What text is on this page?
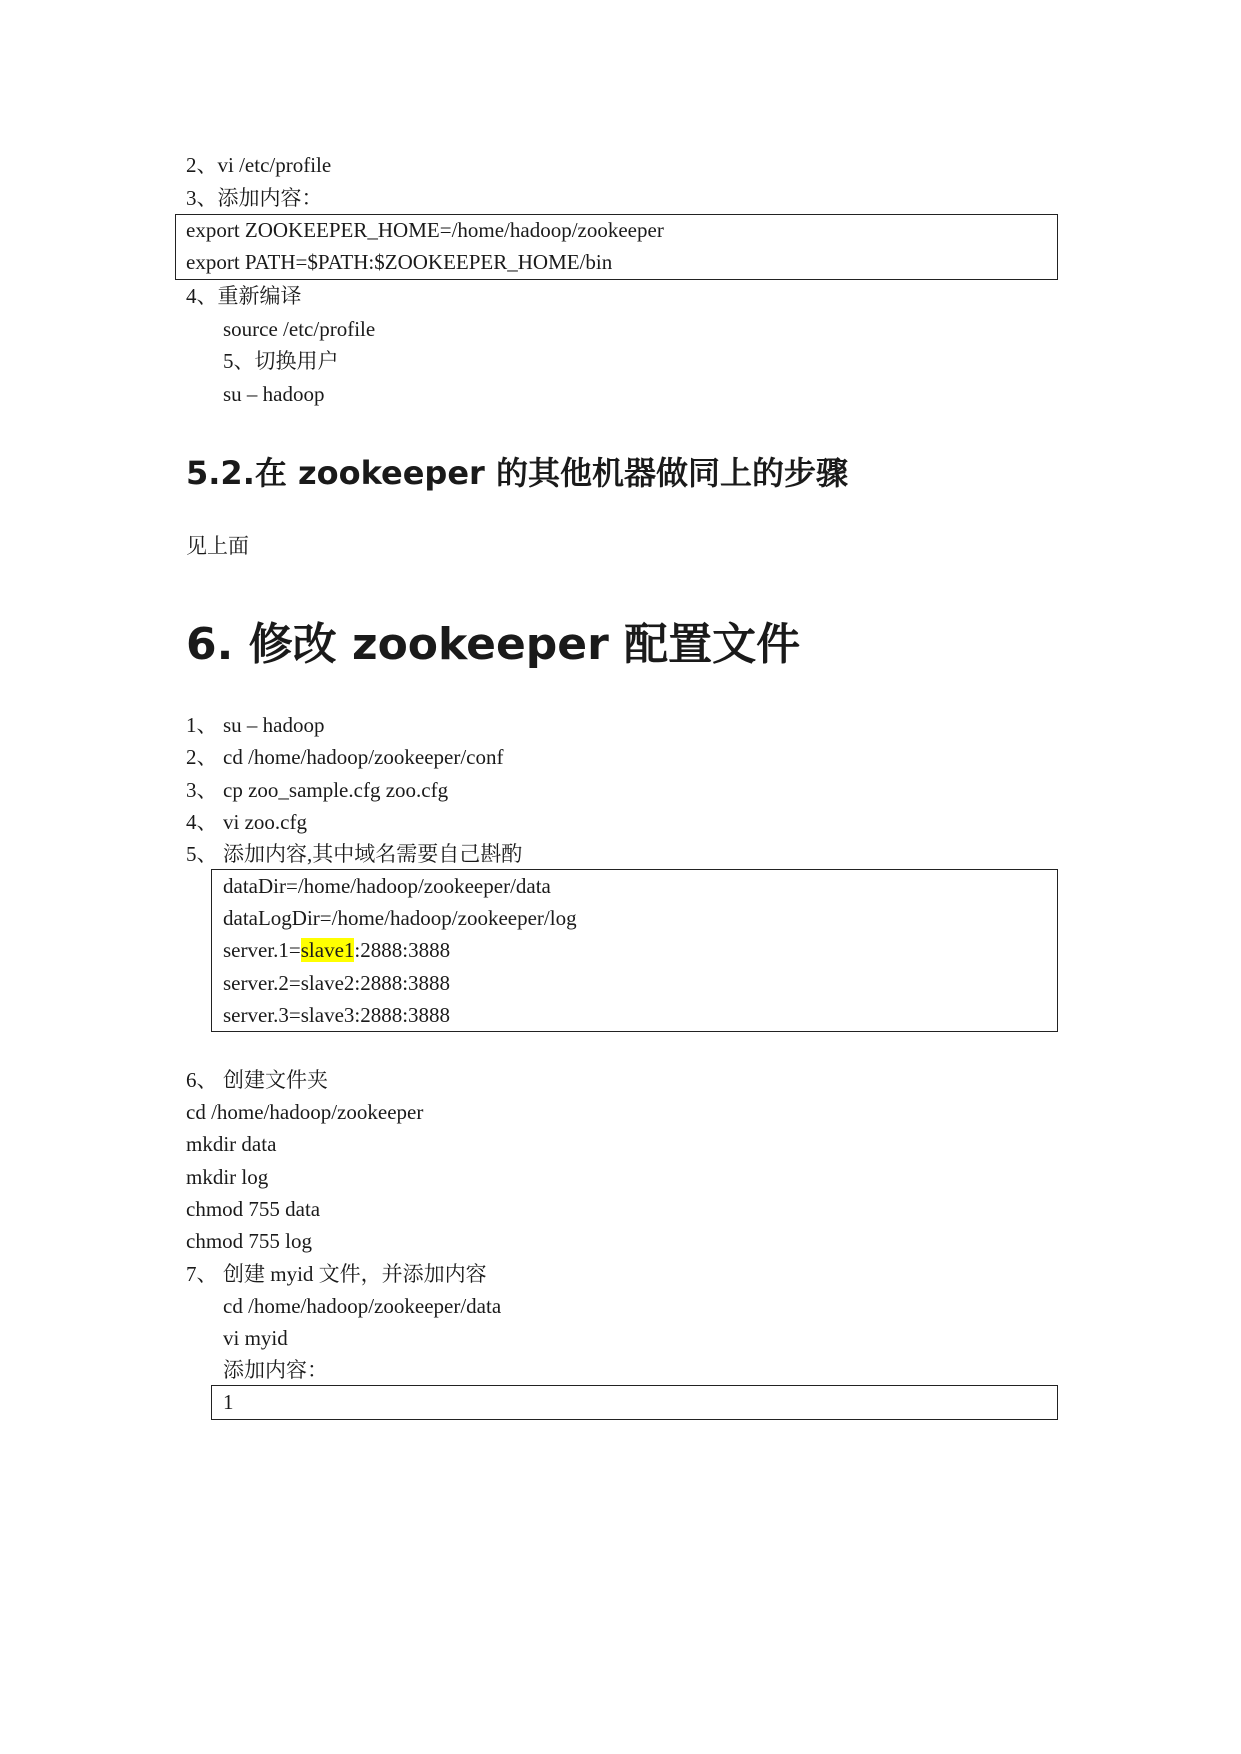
2、vi /etc/profile
3、添加内容：
export ZOOKEEPER_HOME=/home/hadoop/zookeeper
export PATH=$PATH:$ZOOKEEPER_HOME/bin
4、重新编译
source /etc/profile
5、切换用户
su – hadoop
5.2.在 zookeeper 的其他机器做同上的步骤
见上面
6. 修改 zookeeper 配置文件
1、 su – hadoop
2、 cd /home/hadoop/zookeeper/conf
3、 cp zoo_sample.cfg zoo.cfg
4、 vi zoo.cfg
5、 添加内容,其中域名需要自己斟酌
dataDir=/home/hadoop/zookeeper/data
dataLogDir=/home/hadoop/zookeeper/log
server.1=slave1:2888:3888
server.2=slave2:2888:3888
server.3=slave3:2888:3888
6、 创建文件夹
cd /home/hadoop/zookeeper
mkdir data
mkdir log
chmod 755 data
chmod 755 log
7、 创建 myid 文件，并添加内容
cd /home/hadoop/zookeeper/data
vi myid
添加内容：
1
